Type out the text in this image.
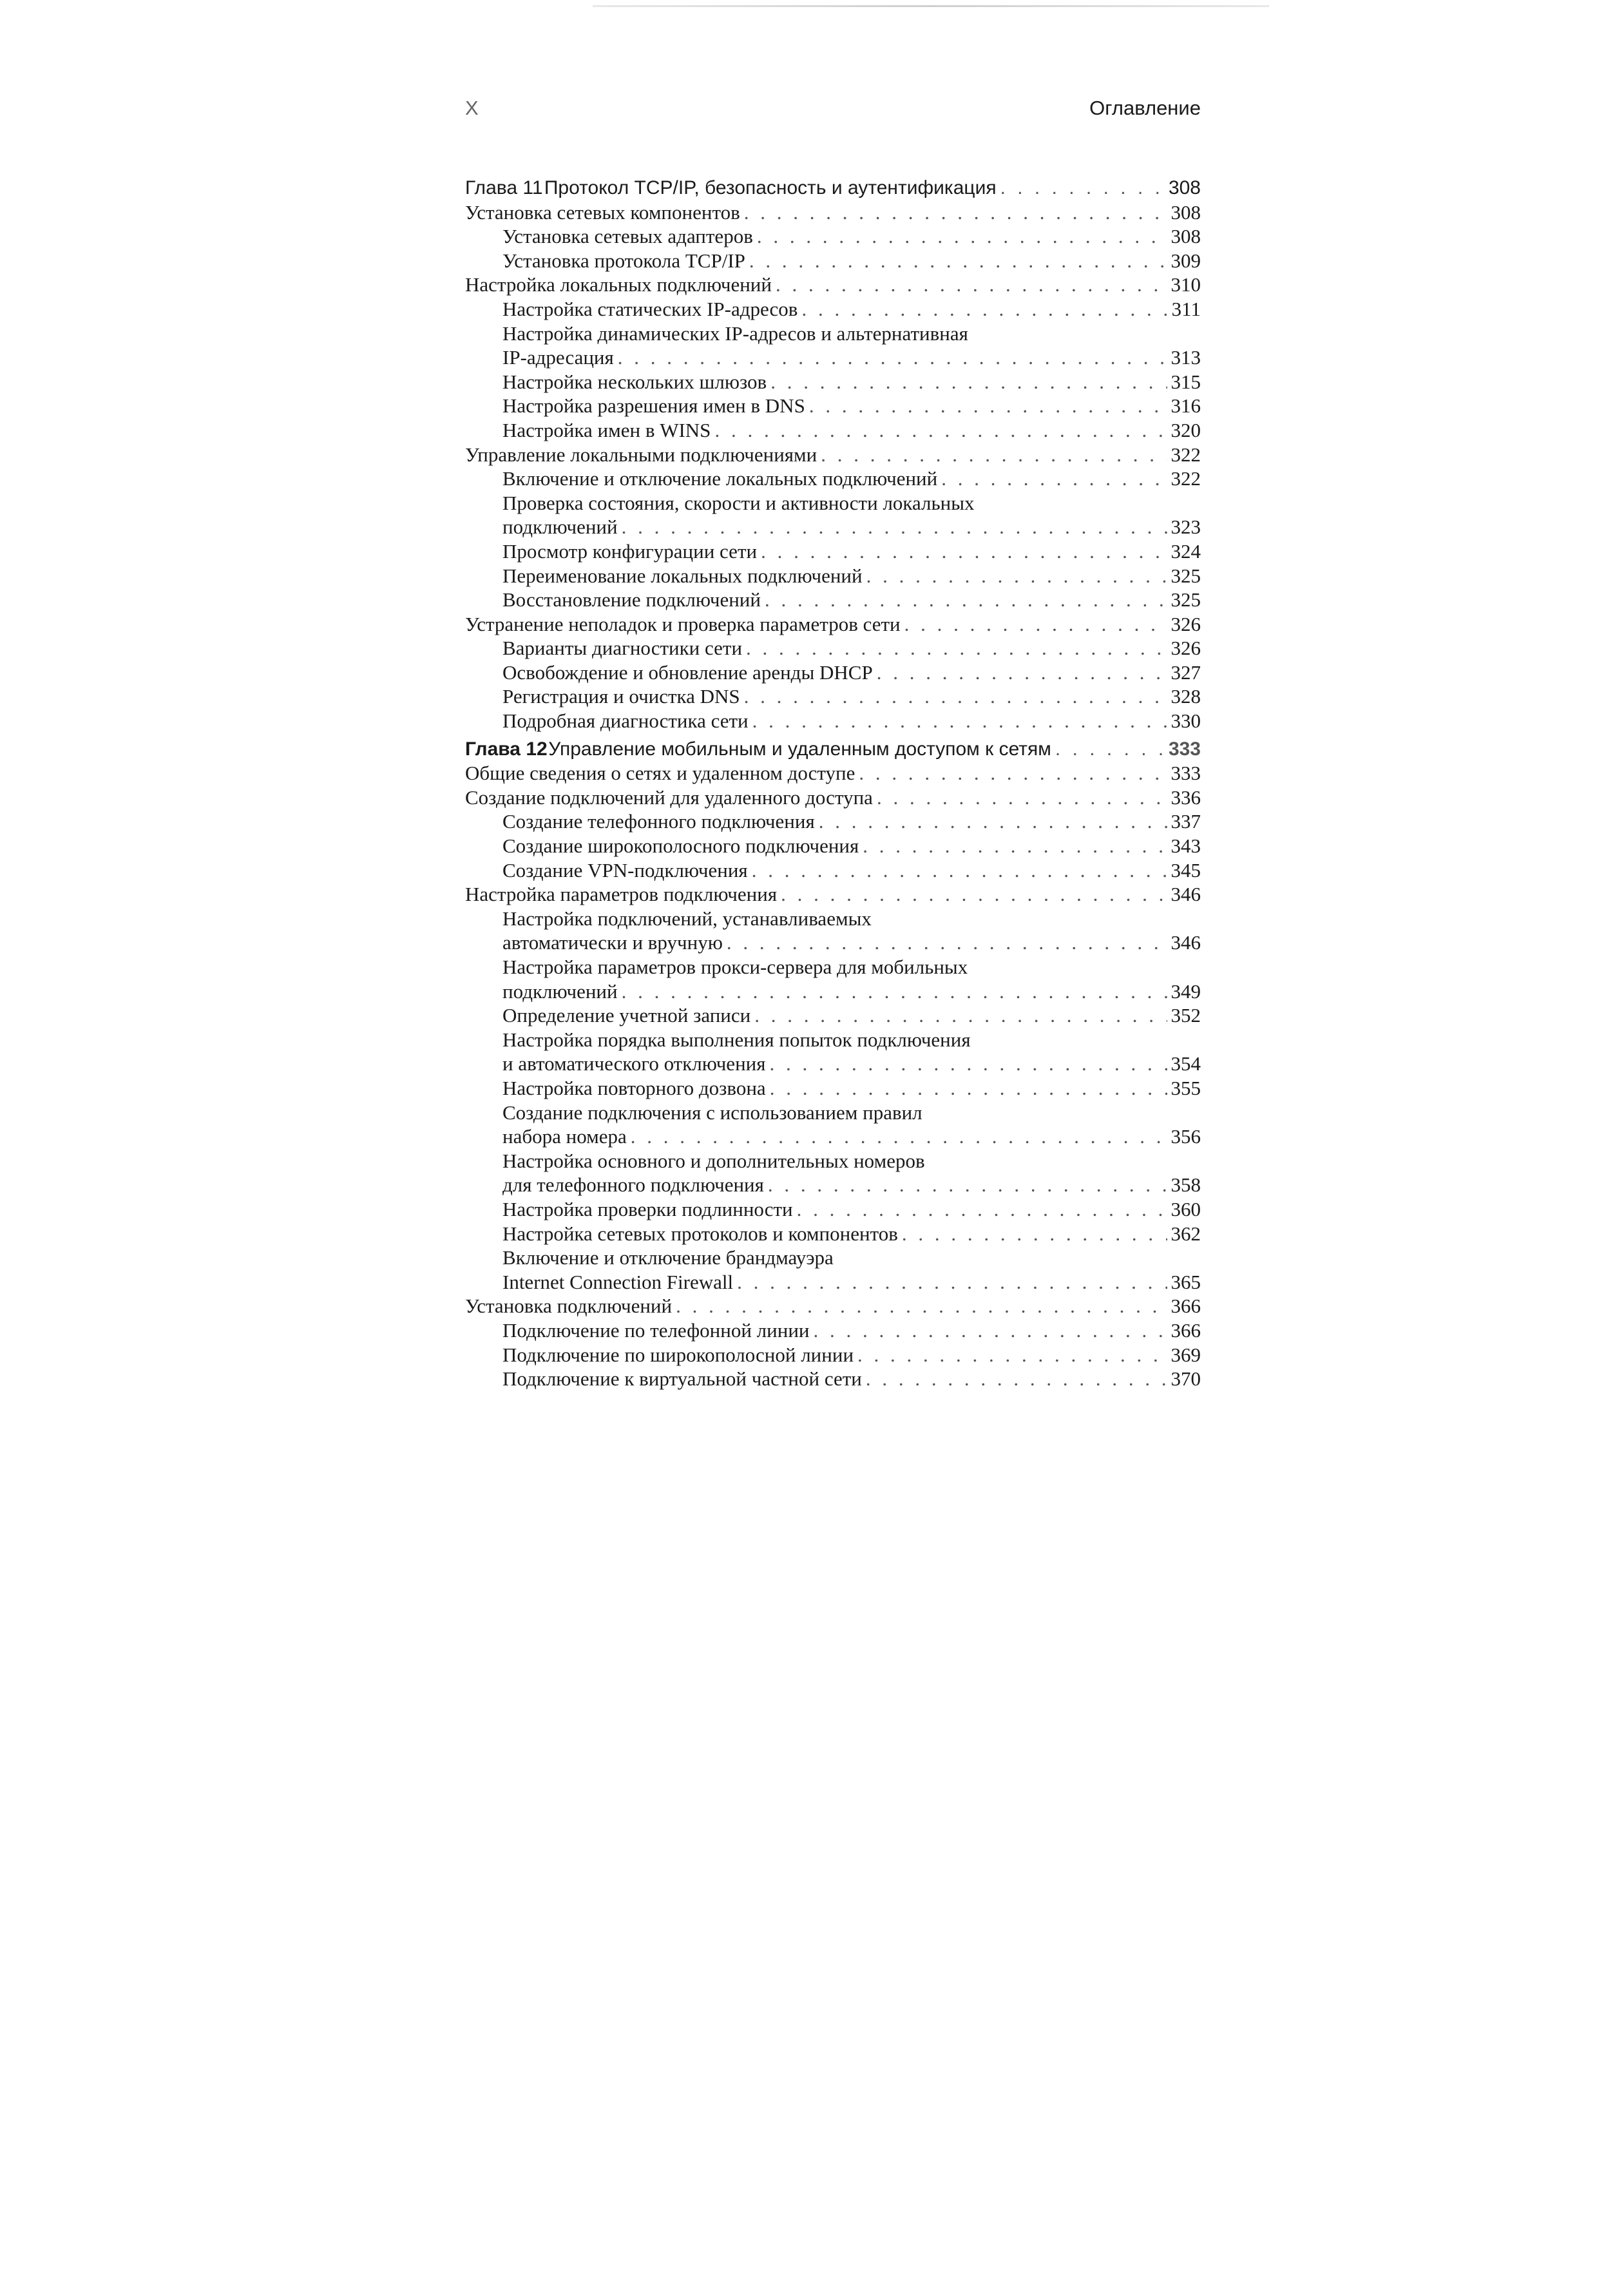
X	Оглавление
Глава 11 Протокол TCP/IP, безопасность и аутентификация . . .	308
Установка сетевых компонентов . . .	308
Установка сетевых адаптеров . . .	308
Установка протокола TCP/IP . . .	309
Настройка локальных подключений . . .	310
Настройка статических IP-адресов . . .	311
Настройка динамических IP-адресов и альтернативная
IP-адресация . . .	313
Настройка нескольких шлюзов . . .	315
Настройка разрешения имен в DNS . . .	316
Настройка имен в WINS . . .	320
Управление локальными подключениями . . .	322
Включение и отключение локальных подключений . . .	322
Проверка состояния, скорости и активности локальных
подключений . . .	323
Просмотр конфигурации сети . . .	324
Переименование локальных подключений . . .	325
Восстановление подключений . . .	325
Устранение неполадок и проверка параметров сети . . .	326
Варианты диагностики сети . . .	326
Освобождение и обновление аренды DHCP . . .	327
Регистрация и очистка DNS . . .	328
Подробная диагностика сети . . .	330
Глава 12 Управление мобильным и удаленным доступом к сетям . . .	333
Общие сведения о сетях и удаленном доступе . . .	333
Создание подключений для удаленного доступа . . .	336
Создание телефонного подключения . . .	337
Создание широкополосного подключения . . .	343
Создание VPN-подключения . . .	345
Настройка параметров подключения . . .	346
Настройка подключений, устанавливаемых
автоматически и вручную . . .	346
Настройка параметров прокси-сервера для мобильных
подключений . . .	349
Определение учетной записи . . .	352
Настройка порядка выполнения попыток подключения
и автоматического отключения . . .	354
Настройка повторного дозвона . . .	355
Создание подключения с использованием правил
набора номера . . .	356
Настройка основного и дополнительных номеров
для телефонного подключения . . .	358
Настройка проверки подлинности . . .	360
Настройка сетевых протоколов и компонентов . . .	362
Включение и отключение брандмауэра
Internet Connection Firewall . . .	365
Установка подключений . . .	366
Подключение по телефонной линии . . .	366
Подключение по широкополосной линии . . .	369
Подключение к виртуальной частной сети . . .	370
